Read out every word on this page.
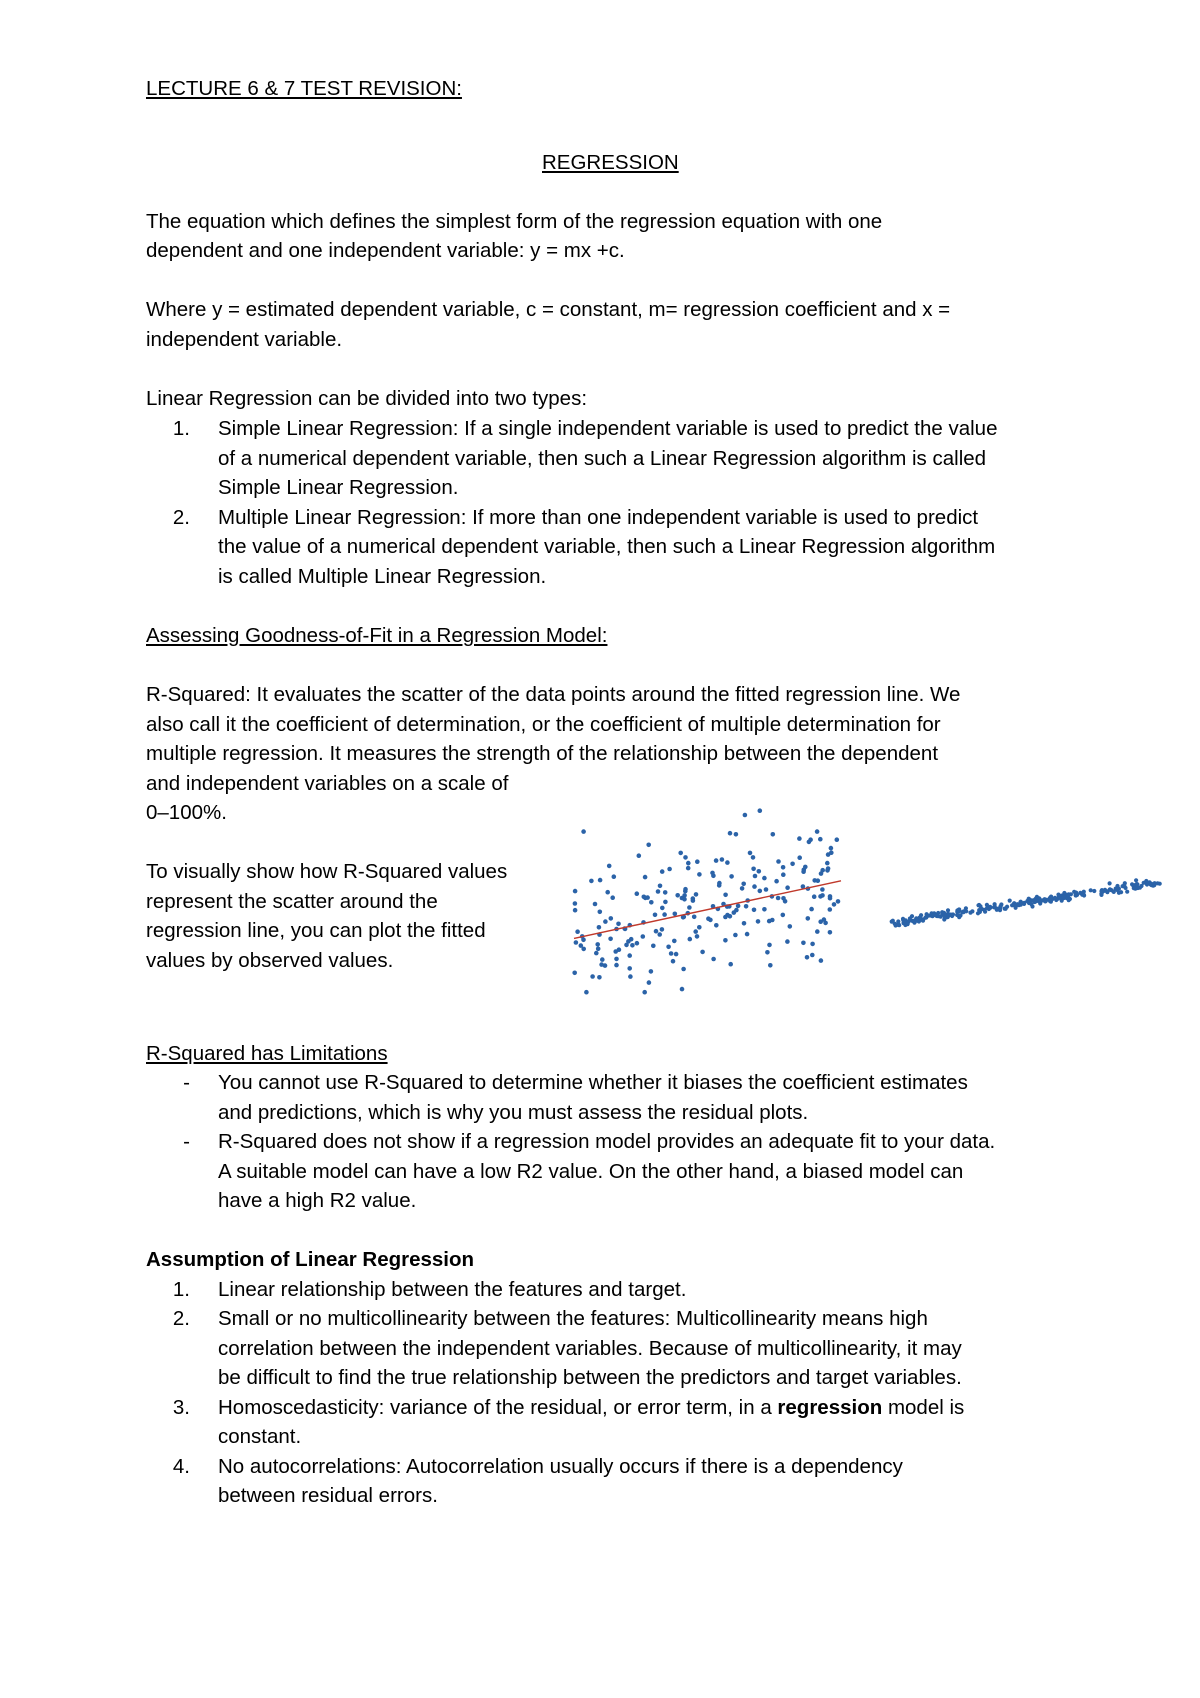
LECTURE 6 & 7 TEST REVISION:
REGRESSION
The equation which defines the simplest form of the regression equation with one
dependent and one independent variable: y = mx +c.
Where y = estimated dependent variable, c = constant, m= regression coefficient and x =
independent variable.
Linear Regression can be divided into two types:
1. Simple Linear Regression: If a single independent variable is used to predict the value
of a numerical dependent variable, then such a Linear Regression algorithm is called
Simple Linear Regression.
2. Multiple Linear Regression: If more than one independent variable is used to predict
the value of a numerical dependent variable, then such a Linear Regression algorithm
is called Multiple Linear Regression.
Assessing Goodness-of-Fit in a Regression Model:
R-Squared: It evaluates the scatter of the data points around the fitted regression line. We
also call it the coefficient of determination, or the coefficient of multiple determination for
multiple regression. It measures the strength of the relationship between the dependent
and independent variables on a scale of
0–100%.
To visually show how R-Squared values
represent the scatter around the
regression line, you can plot the fitted
values by observed values.
R-Squared has Limitations
- You cannot use R-Squared to determine whether it biases the coefficient estimates
and predictions, which is why you must assess the residual plots.
- R-Squared does not show if a regression model provides an adequate fit to your data.
A suitable model can have a low R2 value. On the other hand, a biased model can
have a high R2 value.
Assumption of Linear Regression
1. Linear relationship between the features and target.
2. Small or no multicollinearity between the features: Multicollinearity means high
correlation between the independent variables. Because of multicollinearity, it may
be difficult to find the true relationship between the predictors and target variables.
3. Homoscedasticity: variance of the residual, or error term, in a regression model is
constant.
4. No autocorrelations: Autocorrelation usually occurs if there is a dependency
between residual errors.
